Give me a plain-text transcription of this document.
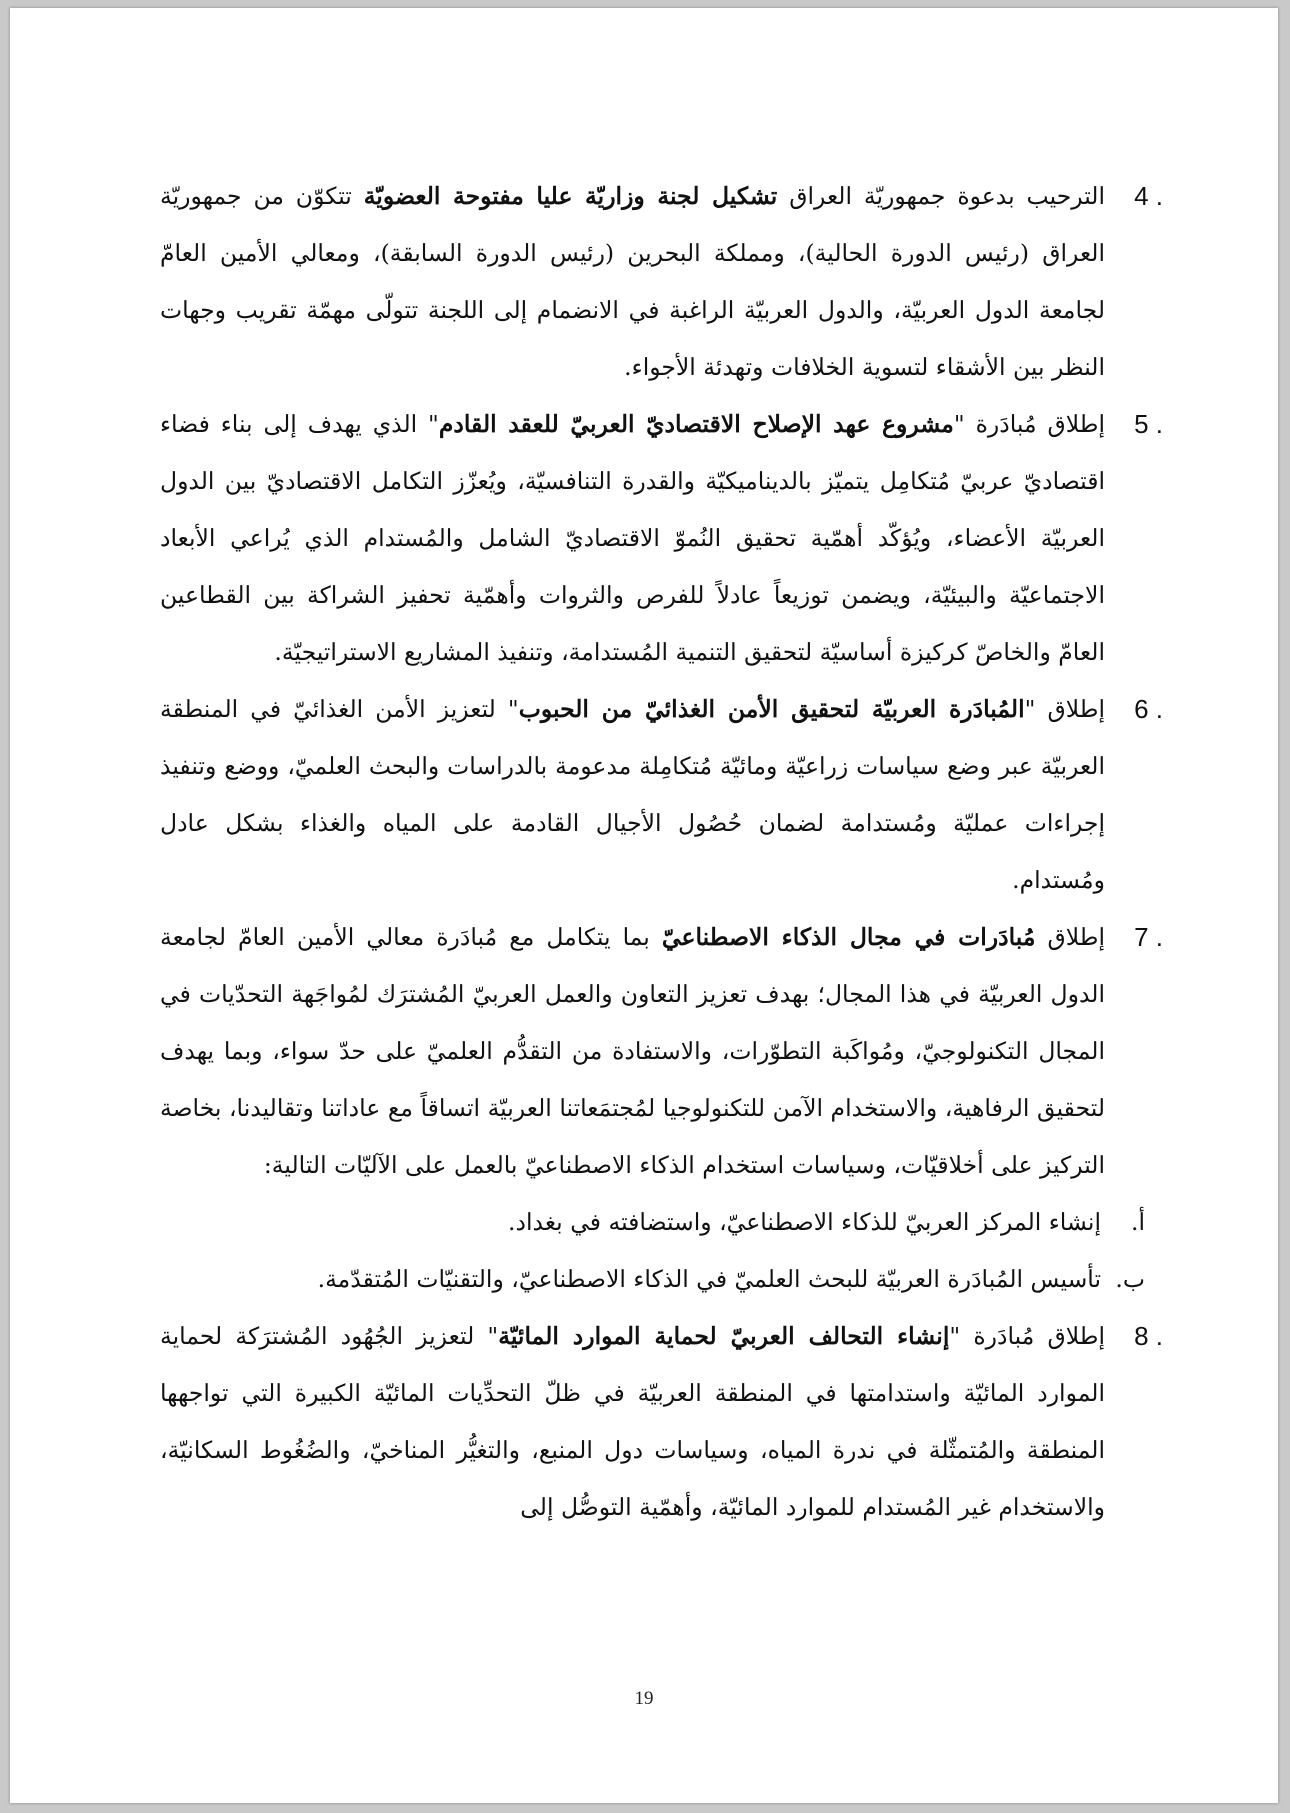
4 .
الترحيب بدعوة جمهوريّة العراق تشكيل لجنة وزاريّة عليا مفتوحة العضويّة تتكوّن من جمهوريّة العراق (رئيس الدورة الحالية)، ومملكة البحرين (رئيس الدورة السابقة)، ومعالي الأمين العامّ لجامعة الدول العربيّة، والدول العربيّة الراغبة في الانضمام إلى اللجنة تتولّى مهمّة تقريب وجهات النظر بين الأشقاء لتسوية الخلافات وتهدئة الأجواء.
5 .
إطلاق مُبادَرة "مشروع عهد الإصلاح الاقتصاديّ العربيّ للعقد القادم" الذي يهدف إلى بناء فضاء اقتصاديّ عربيّ مُتكامِل يتميّز بالديناميكيّة والقدرة التنافسيّة، ويُعزّز التكامل الاقتصاديّ بين الدول العربيّة الأعضاء، ويُؤكّد أهمّية تحقيق النُموّ الاقتصاديّ الشامل والمُستدام الذي يُراعي الأبعاد الاجتماعيّة والبيئيّة، ويضمن توزيعاً عادلاً للفرص والثروات وأهمّية تحفيز الشراكة بين القطاعين العامّ والخاصّ كركيزة أساسيّة لتحقيق التنمية المُستدامة، وتنفيذ المشاريع الاستراتيجيّة.
6 .
إطلاق "المُبادَرة العربيّة لتحقيق الأمن الغذائيّ من الحبوب" لتعزيز الأمن الغذائيّ في المنطقة العربيّة عبر وضع سياسات زراعيّة ومائيّة مُتكامِلة مدعومة بالدراسات والبحث العلميّ، ووضع وتنفيذ إجراءات عمليّة ومُستدامة لضمان حُصُول الأجيال القادمة على المياه والغذاء بشكل عادل ومُستدام.
7 .
إطلاق مُبادَرات في مجال الذكاء الاصطناعيّ بما يتكامل مع مُبادَرة معالي الأمين العامّ لجامعة الدول العربيّة في هذا المجال؛ بهدف تعزيز التعاون والعمل العربيّ المُشترَك لمُواجَهة التحدّيات في المجال التكنولوجيّ، ومُواكَبة التطوّرات، والاستفادة من التقدُّم العلميّ على حدّ سواء، وبما يهدف لتحقيق الرفاهية، والاستخدام الآمن للتكنولوجيا لمُجتمَعاتنا العربيّة اتساقاً مع عاداتنا وتقاليدنا، بخاصة التركيز على أخلاقيّات، وسياسات استخدام الذكاء الاصطناعيّ بالعمل على الآليّات التالية:
أ.
إنشاء المركز العربيّ للذكاء الاصطناعيّ، واستضافته في بغداد.
ب.
تأسيس المُبادَرة العربيّة للبحث العلميّ في الذكاء الاصطناعيّ، والتقنيّات المُتقدّمة.
8 .
إطلاق مُبادَرة "إنشاء التحالف العربيّ لحماية الموارد المائيّة" لتعزيز الجُهُود المُشترَكة لحماية الموارد المائيّة واستدامتها في المنطقة العربيّة في ظلّ التحدِّيات المائيّة الكبيرة التي تواجهها المنطقة والمُتمثّلة في ندرة المياه، وسياسات دول المنبع، والتغيُّر المناخيّ، والضُغُوط السكانيّة، والاستخدام غير المُستدام للموارد المائيّة، وأهمّية التوصُّل إلى
19
